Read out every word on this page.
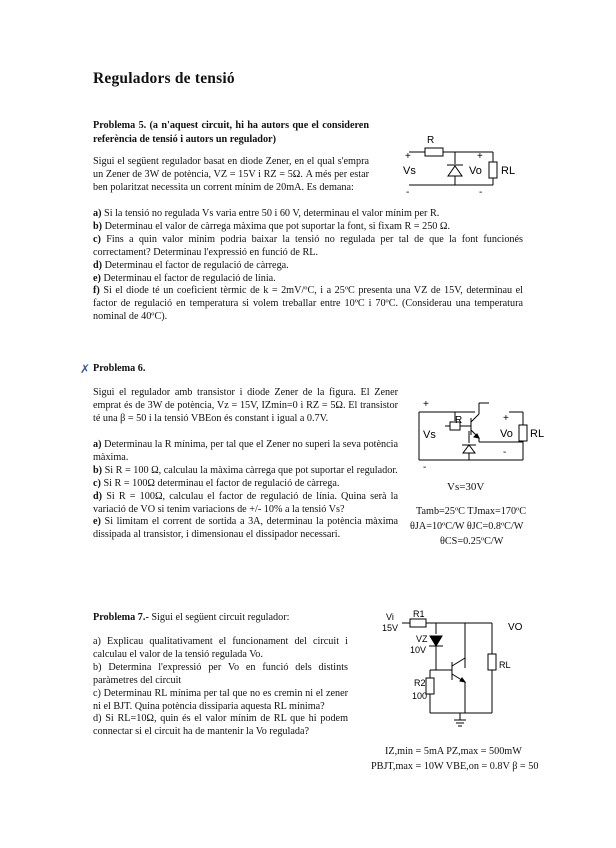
Reguladors de tensió
Problema 5. (a n'aquest circuit, hi ha autors que el consideren referència de tensió i autors un regulador)
Sigui el següent regulador basat en diode Zener, en el qual s'empra un Zener de 3W de potència, VZ = 15V i RZ = 5Ω. A més per estar ben polaritzat necessita un corrent mínim de 20mA. Es demana:
a) Si la tensió no regulada Vs varia entre 50 i 60 V, determinau el valor mínim per R.
b) Determinau el valor de càrrega màxima que pot suportar la font, si fixam R = 250 Ω.
c) Fins a quin valor mínim podria baixar la tensió no regulada per tal de que la font funcionés correctament? Determinau l'expressió en funció de RL.
d) Determinau el factor de regulació de càrrega.
e) Determinau el factor de regulació de línia.
f) Si el diode té un coeficient tèrmic de k = 2mV/ºC, i a 25ºC presenta una VZ de 15V, determinau el factor de regulació en temperatura si volem treballar entre 10ºC i 70ºC. (Considerau una temperatura nominal de 40ºC).
R
+
Vs
-
+
Vo
-
RL
✗ Problema 6.
Sigui el regulador amb transistor i diode Zener de la figura. El Zener emprat és de 3W de potència, Vz = 15V, IZmin=0 i RZ = 5Ω. El transistor té una β = 50 i la tensió VBEon és constant i igual a 0.7V.
a) Determinau la R mínima, per tal que el Zener no superi la seva potència màxima.
b) Si R = 100 Ω, calculau la màxima càrrega que pot suportar el regulador.
c) Si R = 100Ω determinau el factor de regulació de càrrega.
d) Si R = 100Ω, calculau el factor de regulació de línia. Quina serà la variació de VO si tenim variacions de +/- 10% a la tensió Vs?
e) Si limitam el corrent de sortida a 3A, determinau la potència màxima dissipada al transistor, i dimensionau el dissipador necessari.
+
Vs
-
R	+
Vo
-
RL
Vs=30V
Tamb=25ºC TJmax=170ºC
θJA=10ºC/W θJC=0.8ºC/W
θCS=0.25ºC/W
Problema 7.- Sigui el següent circuit regulador:
a) Explicau qualitativament el funcionament del circuit i calculau el valor de la tensió regulada Vo.
b) Determina l'expressió per Vo en funció dels distints paràmetres del circuit
c) Determinau RL mínima per tal que no es cremin ni el zener ni el BJT. Quina potència dissiparia aquesta RL mínima?
d) Si RL=10Ω, quin és el valor mínim de RL que hi podem connectar si el circuit ha de mantenir la Vo regulada?
Vi
15V
R1
VO
VZ
10V
R2
100
RL
IZ,min = 5mA PZ,max = 500mW
PBJT,max = 10W VBE,on = 0.8V β = 50
